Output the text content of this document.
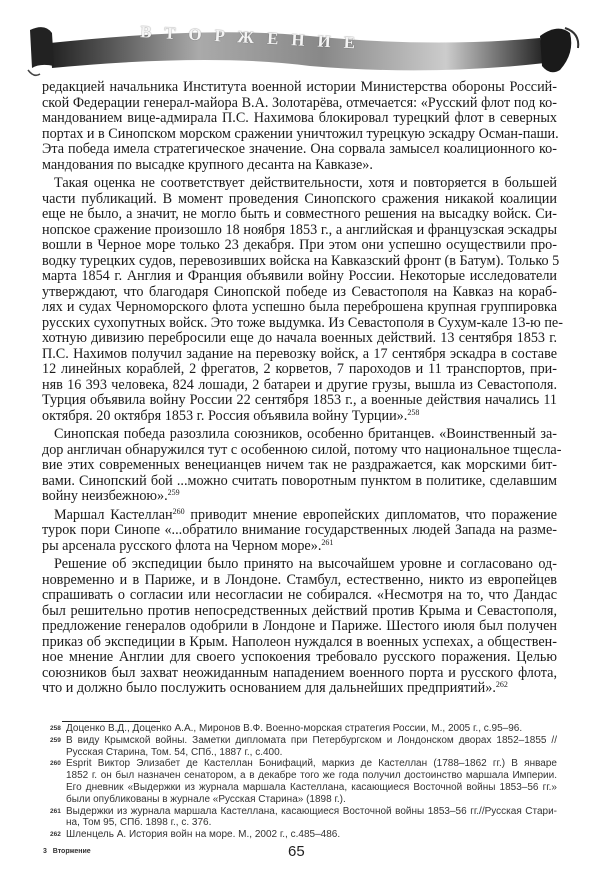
ВТОРЖЕНИЕ
редакцией начальника Института военной истории Министерства обороны Россий-
ской Федерации генерал-майора В.А. Золотарёва, отмечается: «Русский флот под ко-
мандованием вице-адмирала П.С. Нахимова блокировал турецкий флот в северных
портах и в Синопском морском сражении уничтожил турецкую эскадру Осман-паши.
Эта победа имела стратегическое значение. Она сорвала замысел коалиционного ко-
мандования по высадке крупного десанта на Кавказе».
Такая оценка не соответствует действительности, хотя и повторяется в большей
части публикаций. В момент проведения Синопского сражения никакой коалиции
еще не было, а значит, не могло быть и совместного решения на высадку войск. Си-
нопское сражение произошло 18 ноября 1853 г., а английская и французская эскадры
вошли в Черное море только 23 декабря. При этом они успешно осуществили про-
водку турецких судов, перевозивших войска на Кавказский фронт (в Батум). Только 5
марта 1854 г. Англия и Франция объявили войну России. Некоторые исследователи
утверждают, что благодаря Синопской победе из Севастополя на Кавказ на кораб-
лях и судах Черноморского флота успешно была переброшена крупная группировка
русских сухопутных войск. Это тоже выдумка. Из Севастополя в Сухум-кале 13-ю пе-
хотную дивизию перебросили еще до начала военных действий. 13 сентября 1853 г.
П.С. Нахимов получил задание на перевозку войск, а 17 сентября эскадра в составе
12 линейных кораблей, 2 фрегатов, 2 корветов, 7 пароходов и 11 транспортов, при-
няв 16 393 человека, 824 лошади, 2 батареи и другие грузы, вышла из Севастополя.
Турция объявила войну России 22 сентября 1853 г., а военные действия начались 11
октября. 20 октября 1853 г. Россия объявила войну Турции».$^{258}$
Синопская победа разозлила союзников, особенно британцев. «Воинственный за-
дор англичан обнаружился тут с особенною силой, потому что национальное тщесла-
вие этих современных венецианцев ничем так не раздражается, как морскими бит-
вами. Синопский бой ...можно считать поворотным пунктом в политике, сделавшим
войну неизбежною».$^{259}$
Маршал Кастеллан$^{260}$ приводит мнение европейских дипломатов, что поражение
турок пори Синопе «...обратило внимание государственных людей Запада на разме-
ры арсенала русского флота на Черном море».$^{261}$
Решение об экспедиции было принято на высочайшем уровне и согласовано од-
новременно и в Париже, и в Лондоне. Стамбул, естественно, никто из европейцев
спрашивать о согласии или несогласии не собирался. «Несмотря на то, что Дандас
был решительно против непосредственных действий против Крыма и Севастополя,
предложение генералов одобрили в Лондоне и Париже. Шестого июля был получен
приказ об экспедиции в Крым. Наполеон нуждался в военных успехах, а обществен-
ное мнение Англии для своего успокоения требовало русского поражения. Целью
союзников был захват неожиданным нападением военного порта и русского флота,
что и должно было послужить основанием для дальнейших предприятий».$^{262}$
258 Доценко В.Д., Доценко А.А., Миронов В.Ф. Военно-морская стратегия России, М., 2005 г., с.95–96.
259 В виду Крымской войны. Заметки дипломата при Петербургском и Лондонском дворах 1852–1855 //
Русская Старина, Том. 54, СПб., 1887 г., с.400.
260 Esprit Виктор Элизабет де Кастеллан Бонифаций, маркиз де Кастеллан (1788–1862 гг.) В январе
1852 г. он был назначен сенатором, а в декабре того же года получил достоинство маршала Империи.
Его дневник «Выдержки из журнала маршала Кастеллана, касающиеся Восточной войны 1853–56 гг.»
были опубликованы в журнале «Русская Старина» (1898 г.).
261 Выдержки из журнала маршала Кастеллана, касающиеся Восточной войны 1853–56 гг.//Русская Стари-
на, Том 95, СПб. 1898 г., с. 376.
262 Шленцель А. История войн на море. М., 2002 г., с.485–486.
3 Вторжение	65
